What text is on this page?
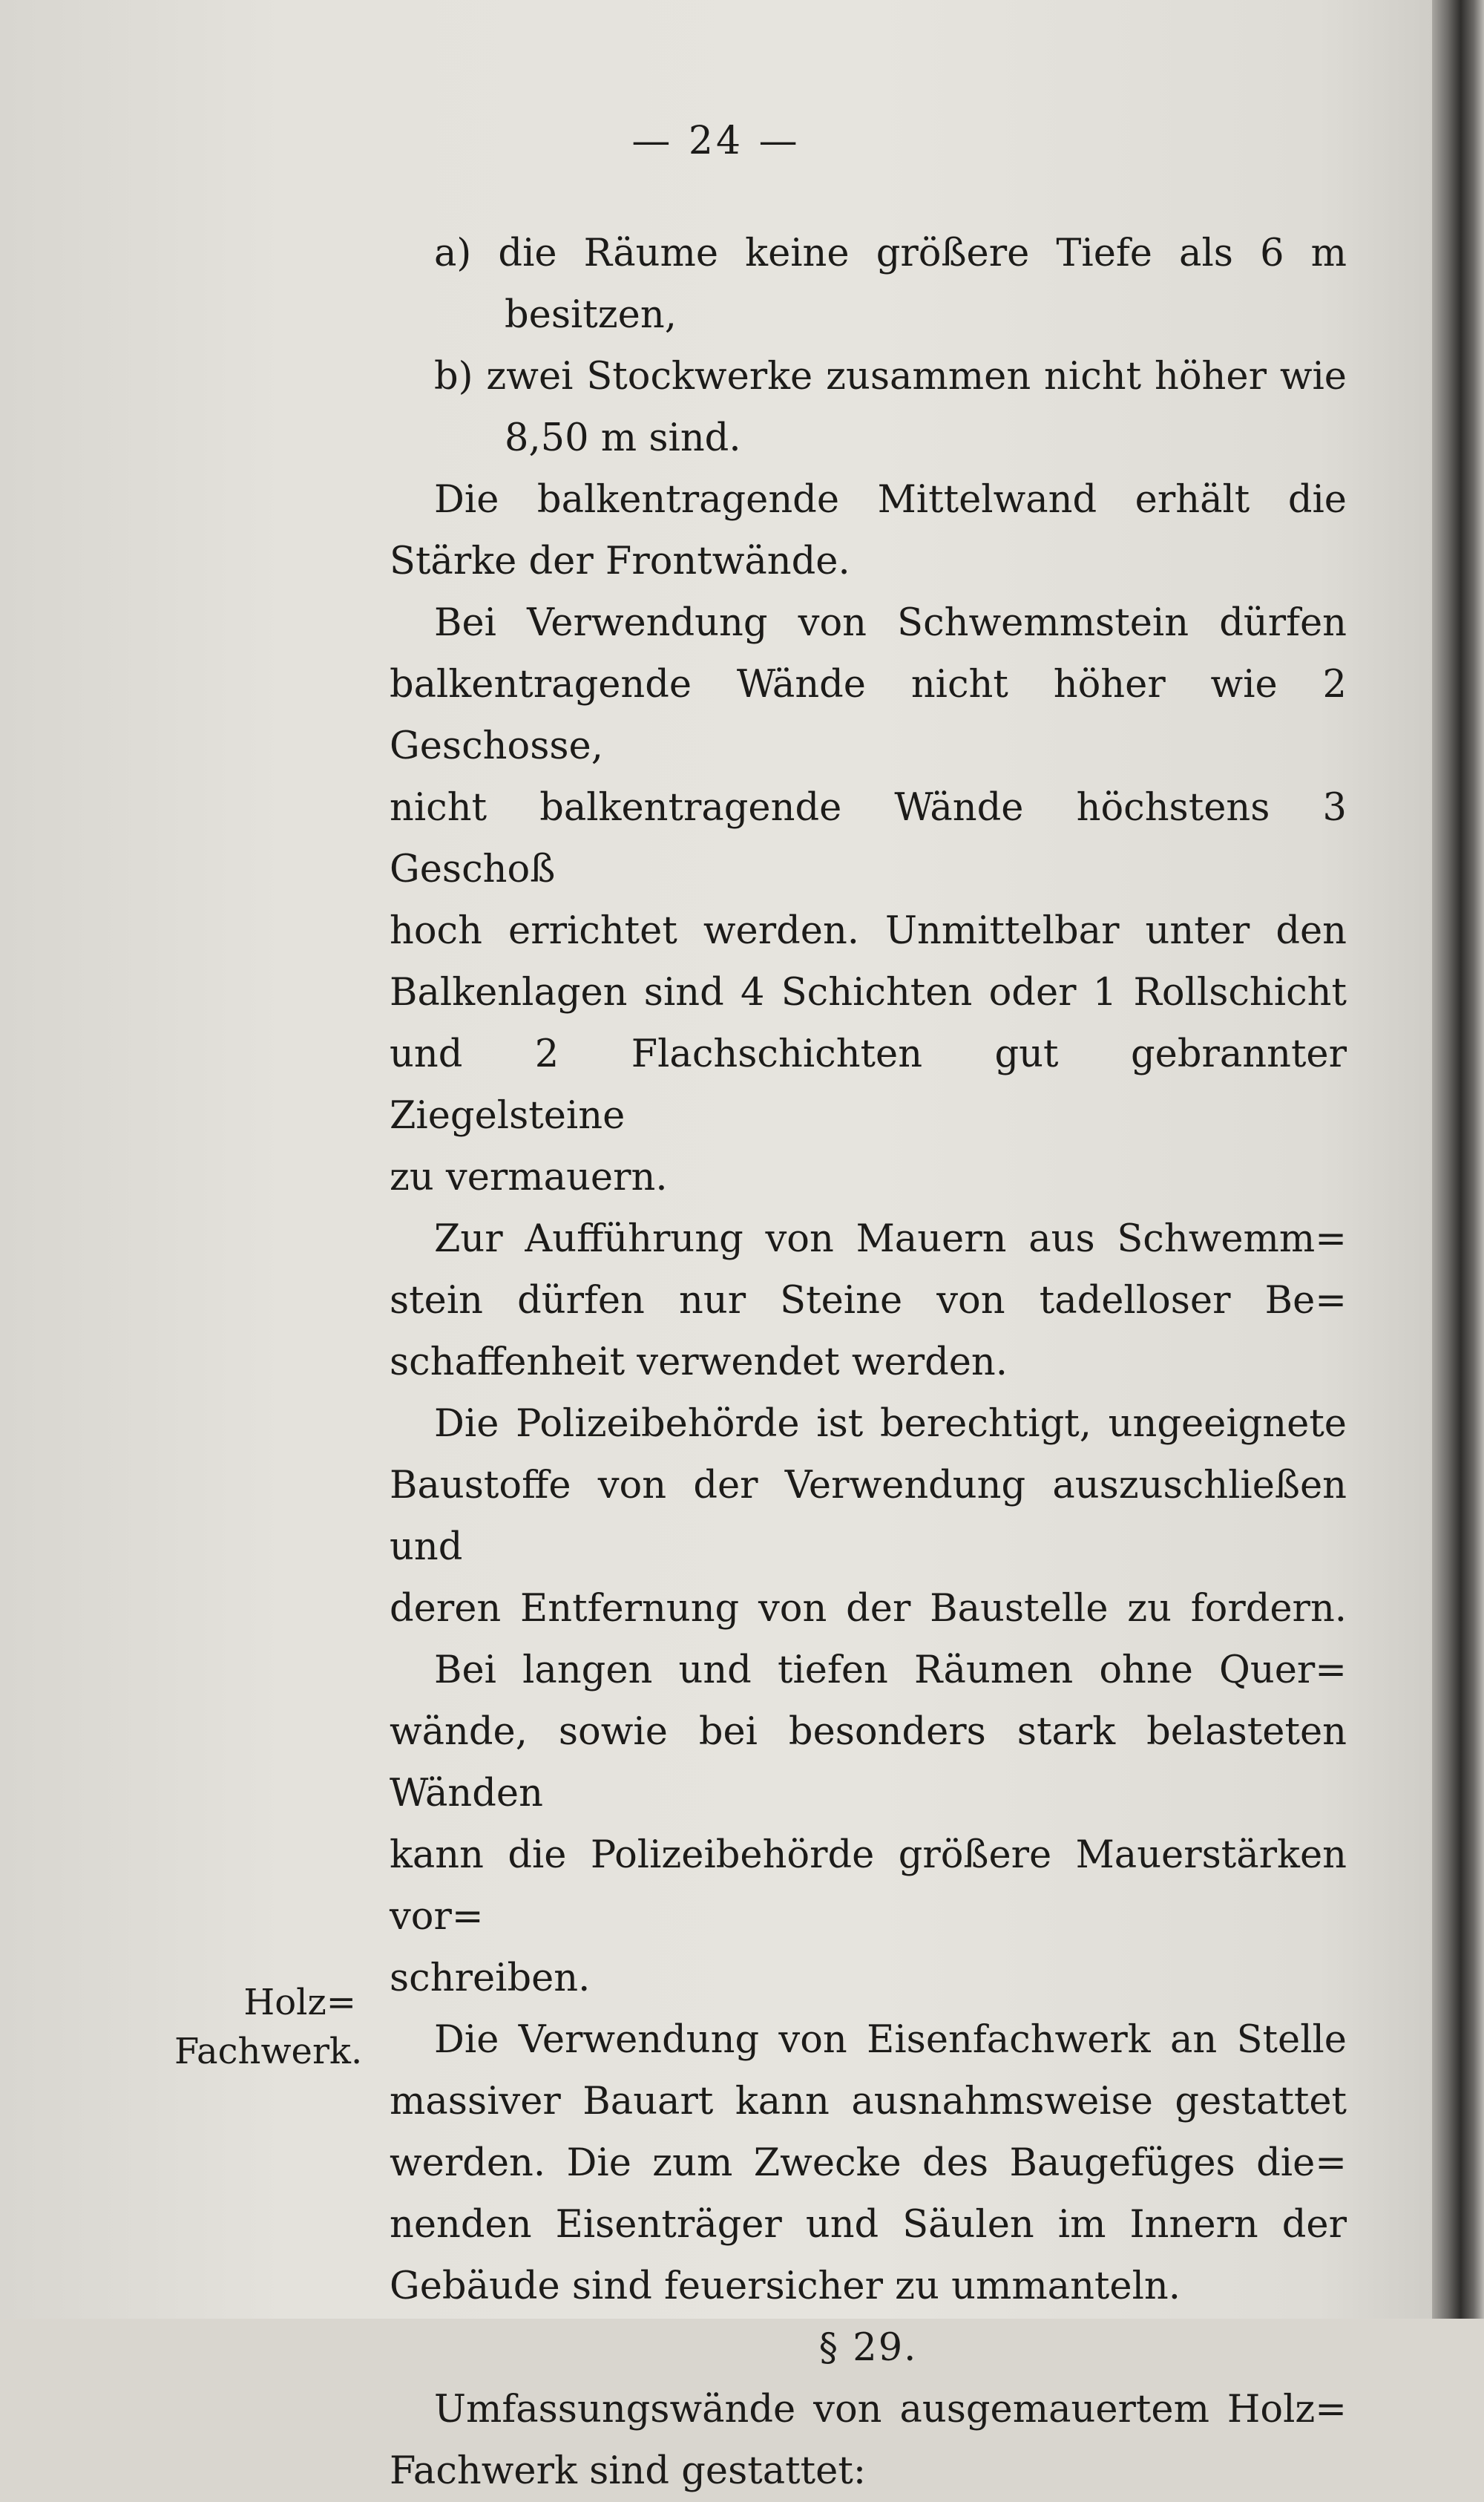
— 24 —

a) die Räume keine größere Tiefe als 6 m

besitzen,

b) zwei Stockwerke zusammen nicht höher wie

8,50 m sind.

Die balkentragende Mittelwand erhält die

Stärke der Frontwände.

Bei Verwendung von Schwemmstein dürfen

balkentragende Wände nicht höher wie 2 Geschosse,

nicht balkentragende Wände höchstens 3 Geschoß

hoch errichtet werden. Unmittelbar unter den

Balkenlagen sind 4 Schichten oder 1 Rollschicht

und 2 Flachschichten gut gebrannter Ziegelsteine

zu vermauern.

Zur Aufführung von Mauern aus Schwemm=

stein dürfen nur Steine von tadelloser Be=

schaffenheit verwendet werden.

Die Polizeibehörde ist berechtigt, ungeeignete

Baustoffe von der Verwendung auszuschließen und

deren Entfernung von der Baustelle zu fordern.

Bei langen und tiefen Räumen ohne Quer=

wände, sowie bei besonders stark belasteten Wänden

kann die Polizeibehörde größere Mauerstärken vor=

schreiben.

Die Verwendung von Eisenfachwerk an Stelle

massiver Bauart kann ausnahmsweise gestattet

werden. Die zum Zwecke des Baugefüges die=

nenden Eisenträger und Säulen im Innern der

Gebäude sind feuersicher zu ummanteln.

§ 29.

Umfassungswände von ausgemauertem Holz=

Fachwerk sind gestattet:

Holz=
Fachwerk.
